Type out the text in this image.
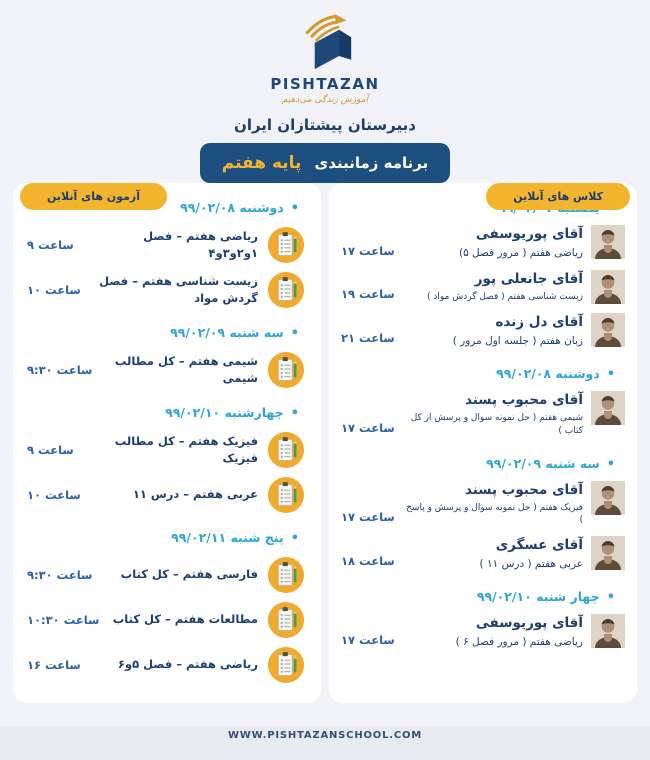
PISHTAZAN
آموزش زندگی می‌دهیم
دبیرستان پیشتازان ایران
برنامه زمانبندی پایه هفتم
آزمون های آنلاین	کلاس های آنلاین
•دوشنبه ۹۹/۰۲/۰۸
ریاضی هفتم – فصل ۱و۲و۳و۴
ساعت ۹
زیست شناسی هفتم – فصل گردش مواد
ساعت ۱۰
•سه شنبه ۹۹/۰۲/۰۹
شیمی هفتم – کل مطالب شیمی
ساعت ۹:۳۰
•چهارشنبه ۹۹/۰۲/۱۰
فیزیک هفتم – کل مطالب فیزیک
ساعت ۹
عربی هفتم – درس ۱۱
ساعت ۱۰
•پنج شنبه ۹۹/۰۲/۱۱
فارسی هفتم – کل کتاب
ساعت ۹:۳۰
مطالعات هفتم – کل کتاب
ساعت ۱۰:۳۰
ریاضی هفتم – فصل ۵و۶
ساعت ۱۶
آقای پوریوسفی
ریاضی هفتم ( مرور فصل ۵)
ساعت ۱۷
آقای جانعلی پور
زیست شناسی هفتم ( فصل گردش مواد )
ساعت ۱۹
آقای دل زنده
زبان هفتم ( جلسه اول مرور )
ساعت ۲۱
•دوشنبه ۹۹/۰۲/۰۸
آقای محبوب پسند
شیمی هفتم ( حل نمونه سوال و پرسش از کل کتاب )
ساعت ۱۷
•سه شنبه ۹۹/۰۲/۰۹
آقای محبوب پسند
فیزیک هفتم ( حل نمونه سوال و پرسش و پاسخ )
ساعت ۱۷
آقای عسگری
عربی هفتم ( درس ۱۱ )
ساعت ۱۸
•چهار شنبه ۹۹/۰۲/۱۰
آقای پوریوسفی
ریاضی هفتم ( مرور فصل ۶ )
ساعت ۱۷
WWW.PISHTAZANSCHOOL.COM
